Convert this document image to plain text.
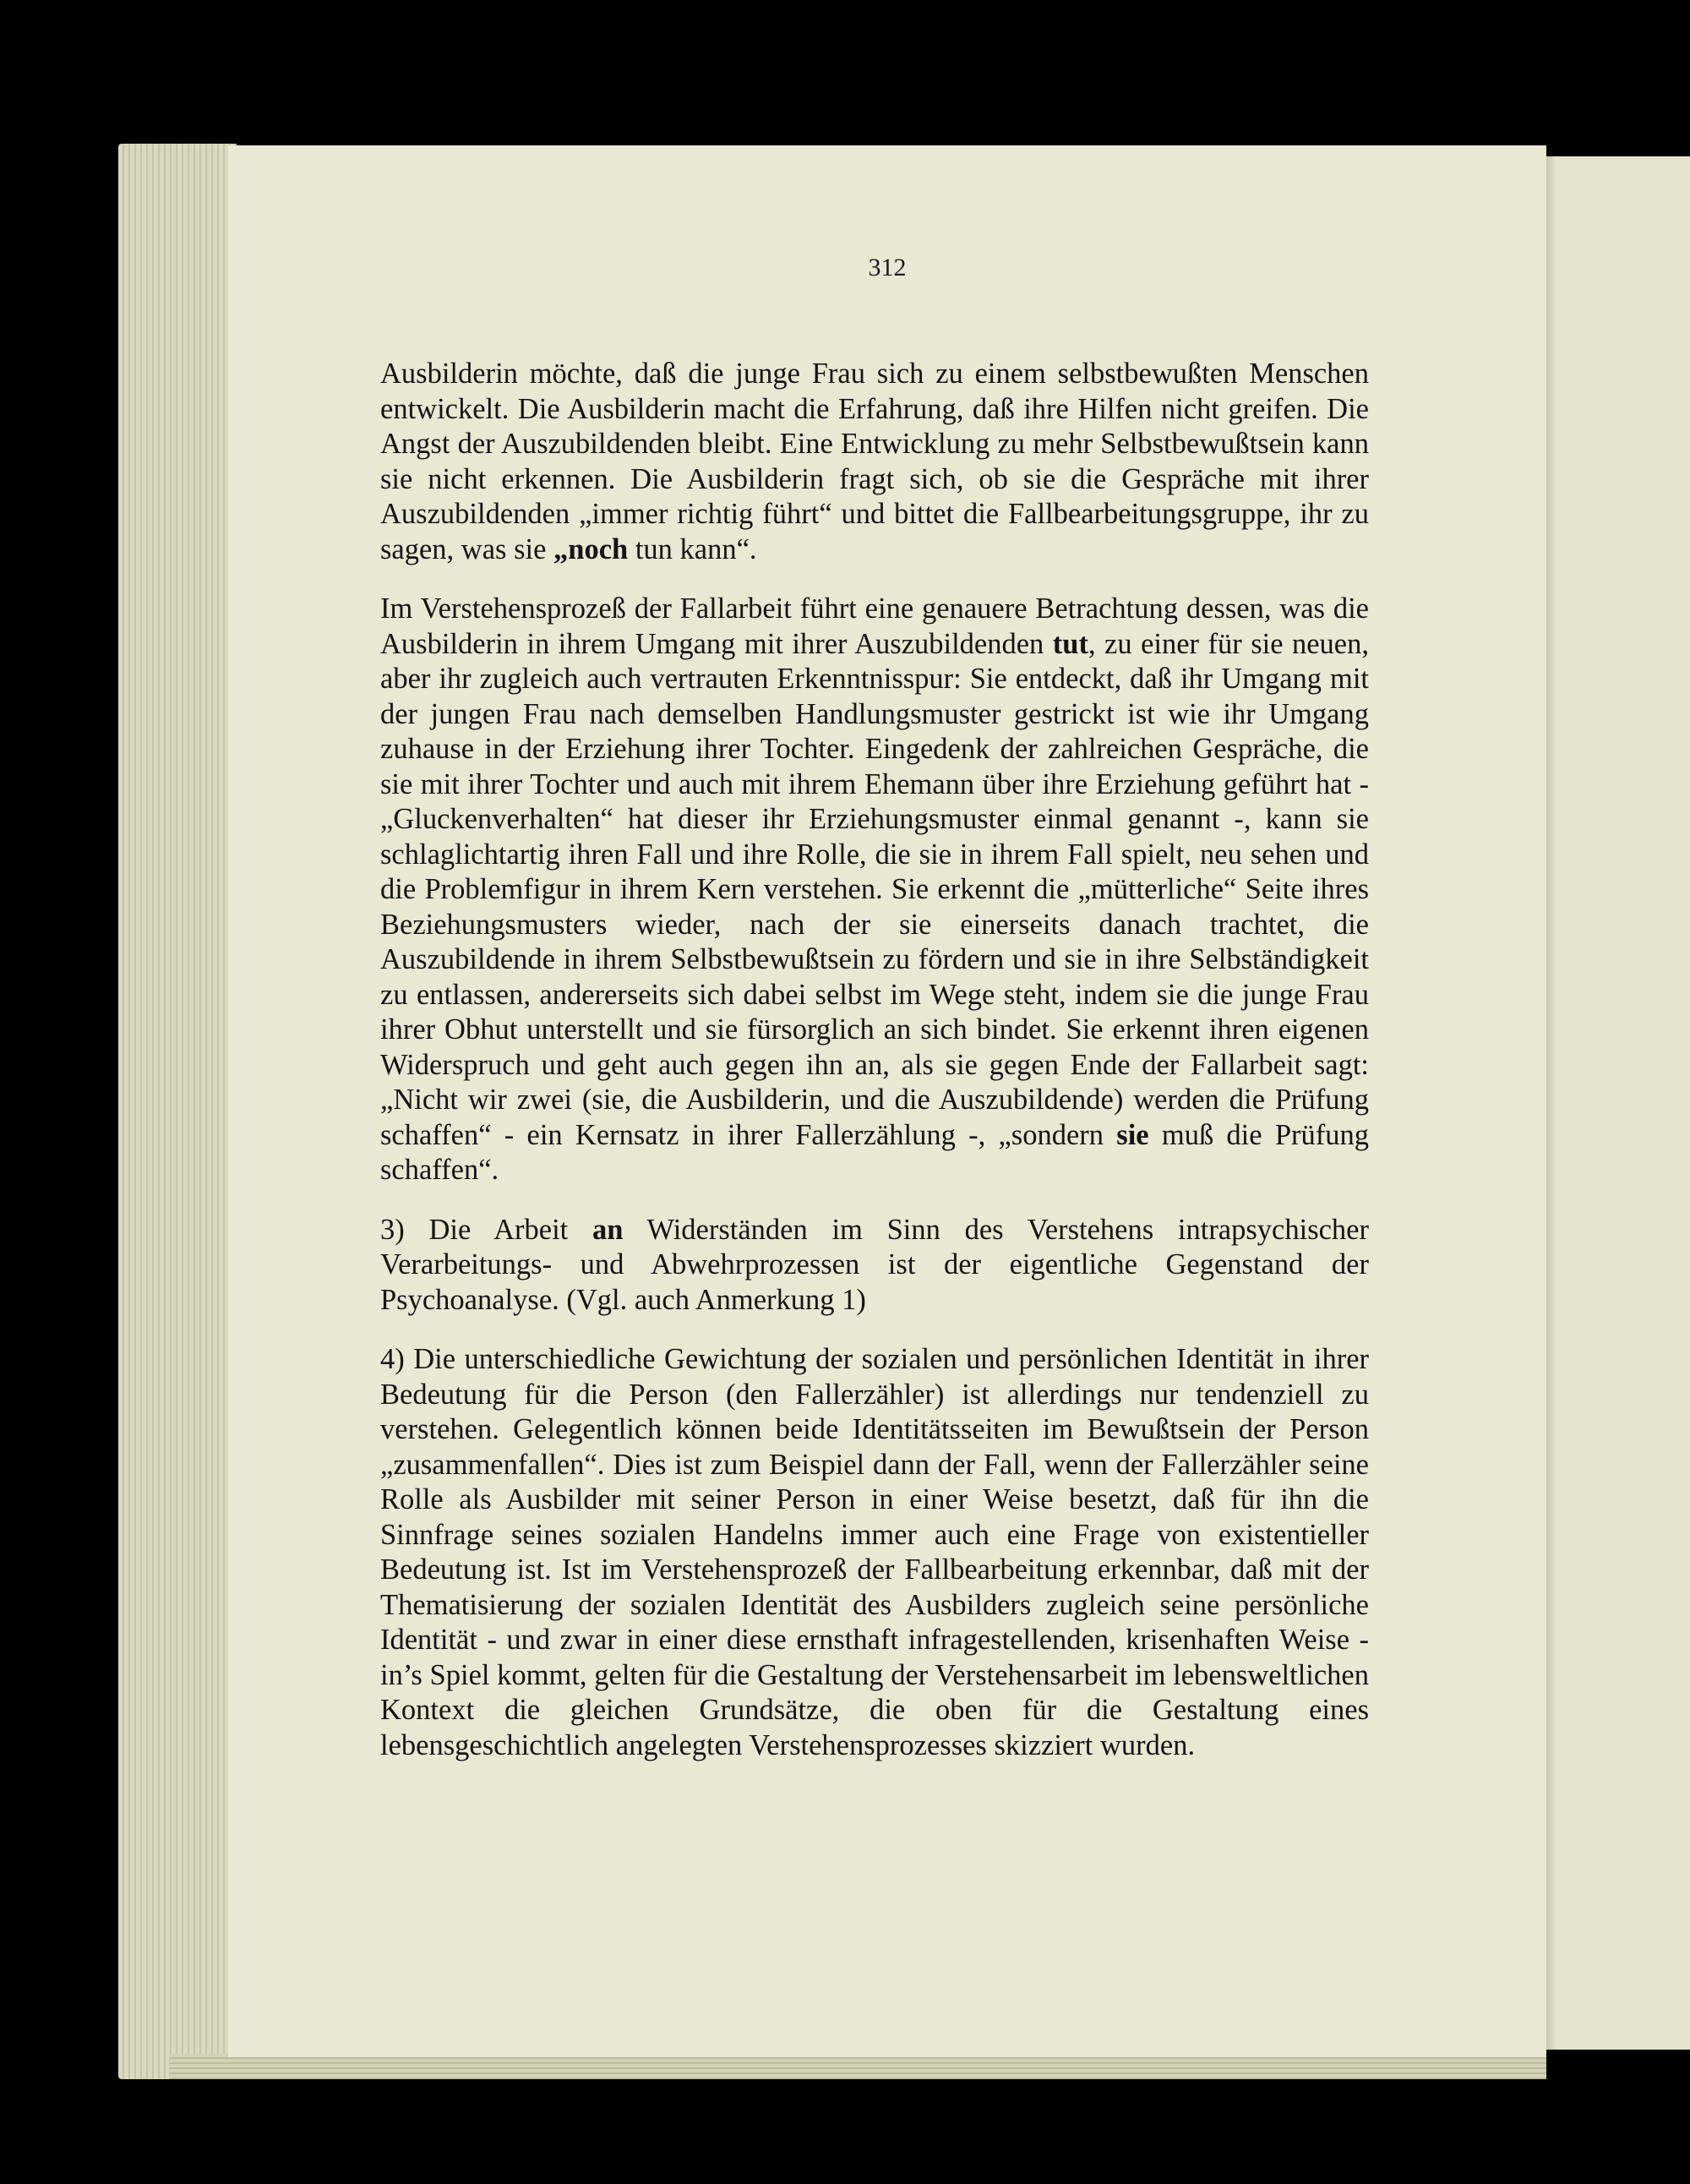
312

Ausbilderin möchte, daß die junge Frau sich zu einem selbstbewußten Menschen entwickelt. Die Ausbilderin macht die Erfahrung, daß ihre Hilfen nicht greifen. Die Angst der Auszubildenden bleibt. Eine Entwicklung zu mehr Selbstbewußtsein kann sie nicht erkennen. Die Ausbilderin fragt sich, ob sie die Gespräche mit ihrer Auszubildenden „immer richtig führt“ und bittet die Fallbearbeitungsgruppe, ihr zu sagen, was sie „noch tun kann“.

Im Verstehensprozeß der Fallarbeit führt eine genauere Betrachtung dessen, was die Ausbilderin in ihrem Umgang mit ihrer Auszubildenden tut, zu einer für sie neuen, aber ihr zugleich auch vertrauten Erkenntnisspur: Sie entdeckt, daß ihr Umgang mit der jungen Frau nach demselben Handlungsmuster gestrickt ist wie ihr Umgang zuhause in der Erziehung ihrer Tochter. Eingedenk der zahlreichen Gespräche, die sie mit ihrer Tochter und auch mit ihrem Ehemann über ihre Erziehung geführt hat - „Gluckenverhalten“ hat dieser ihr Erziehungsmuster einmal genannt -, kann sie schlaglichtartig ihren Fall und ihre Rolle, die sie in ihrem Fall spielt, neu sehen und die Problemfigur in ihrem Kern verstehen. Sie erkennt die „mütterliche“ Seite ihres Beziehungsmusters wieder, nach der sie einerseits danach trachtet, die Auszubildende in ihrem Selbstbewußtsein zu fördern und sie in ihre Selbständigkeit zu entlassen, andererseits sich dabei selbst im Wege steht, indem sie die junge Frau ihrer Obhut unterstellt und sie fürsorglich an sich bindet. Sie erkennt ihren eigenen Widerspruch und geht auch gegen ihn an, als sie gegen Ende der Fallarbeit sagt: „Nicht wir zwei (sie, die Ausbilderin, und die Auszubildende) werden die Prüfung schaffen“ - ein Kernsatz in ihrer Fallerzählung -, „sondern sie muß die Prüfung schaffen“.

3) Die Arbeit an Widerständen im Sinn des Verstehens intrapsychischer Verarbeitungs- und Abwehrprozessen ist der eigentliche Gegenstand der Psychoanalyse. (Vgl. auch Anmerkung 1)

4) Die unterschiedliche Gewichtung der sozialen und persönlichen Identität in ihrer Bedeutung für die Person (den Fallerzähler) ist allerdings nur tendenziell zu verstehen. Gelegentlich können beide Identitätsseiten im Bewußtsein der Person „zusammenfallen“. Dies ist zum Beispiel dann der Fall, wenn der Fallerzähler seine Rolle als Ausbilder mit seiner Person in einer Weise besetzt, daß für ihn die Sinnfrage seines sozialen Handelns immer auch eine Frage von existentieller Bedeutung ist. Ist im Verstehensprozeß der Fallbearbeitung erkennbar, daß mit der Thematisierung der sozialen Identität des Ausbilders zugleich seine persönliche Identität - und zwar in einer diese ernsthaft infragestellenden, krisenhaften Weise - in’s Spiel kommt, gelten für die Gestaltung der Verstehensarbeit im lebensweltlichen Kontext die gleichen Grundsätze, die oben für die Gestaltung eines lebensgeschichtlich angelegten Verstehensprozesses skizziert wurden.
